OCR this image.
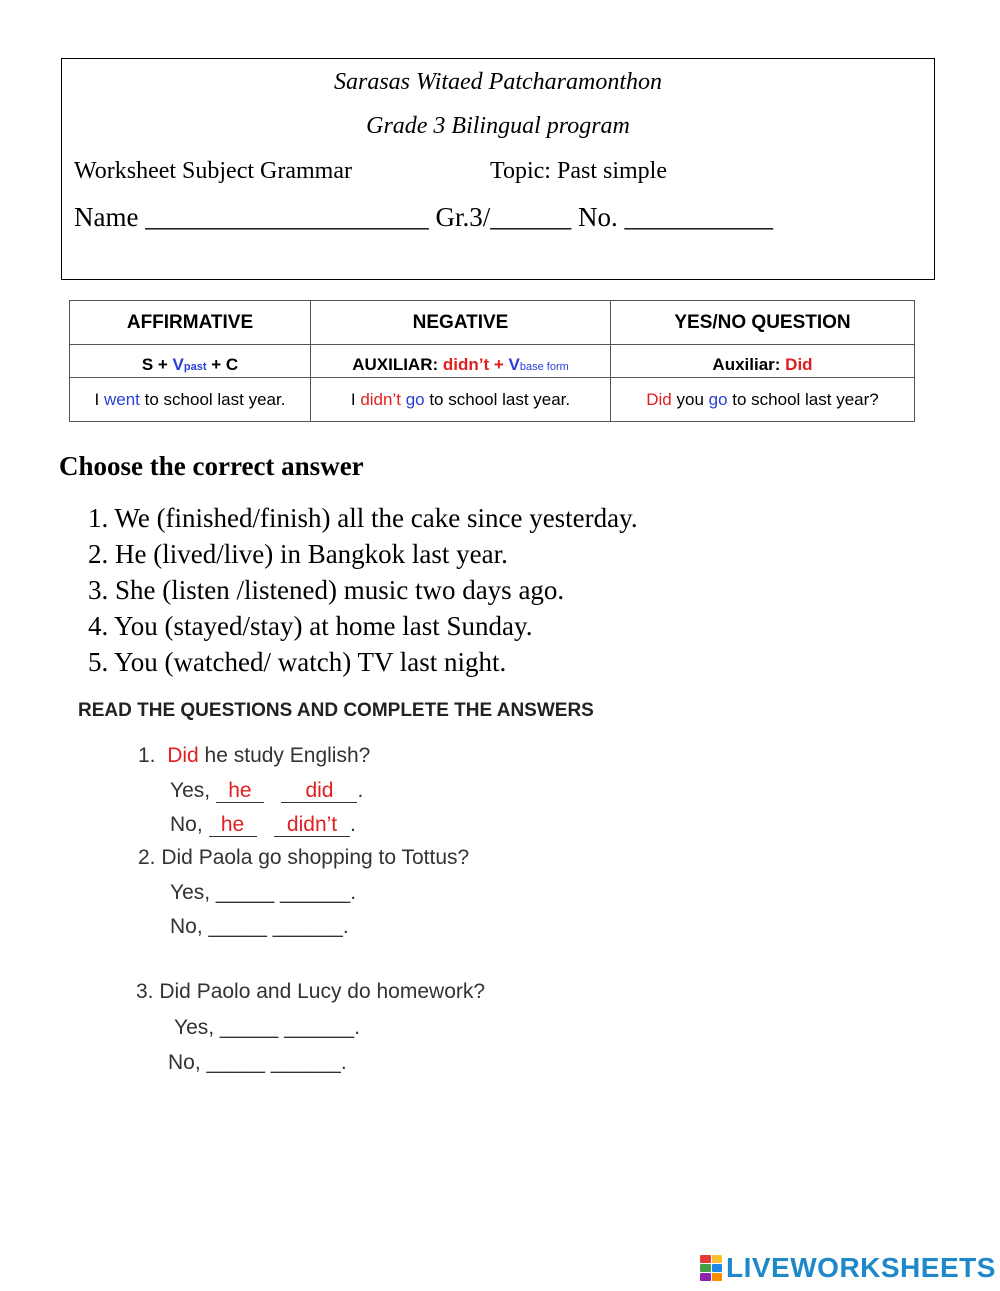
Sarasas Witaed Patcharamonthon
Grade 3 Bilingual program
Worksheet Subject Grammar	Topic: Past simple
Name _____________________ Gr.3/______ No. ___________
AFFIRMATIVE	NEGATIVE	YES/NO QUESTION
S + Vpast + C	AUXILIAR: didn’t + Vbase form	Auxiliar: Did
I went to school last year.	I didn’t go to school last year.	Did you go to school last year?
Choose the correct answer
1. We (finished/finish) all the cake since yesterday.
2. He (lived/live) in Bangkok last year.
3. She (listen /listened) music two days ago.
4. You (stayed/stay) at home last Sunday.
5. You (watched/ watch) TV last night.
READ THE QUESTIONS AND COMPLETE THE ANSWERS
1. Did he study English?
Yes, he	did .
No, he didn’t .
2. Did Paola go shopping to Tottus?
Yes, _____ ______.
No, _____ ______.
3. Did Paolo and Lucy do homework?
Yes, _____ ______.
No, _____ ______.
LIVEWORKSHEETS
